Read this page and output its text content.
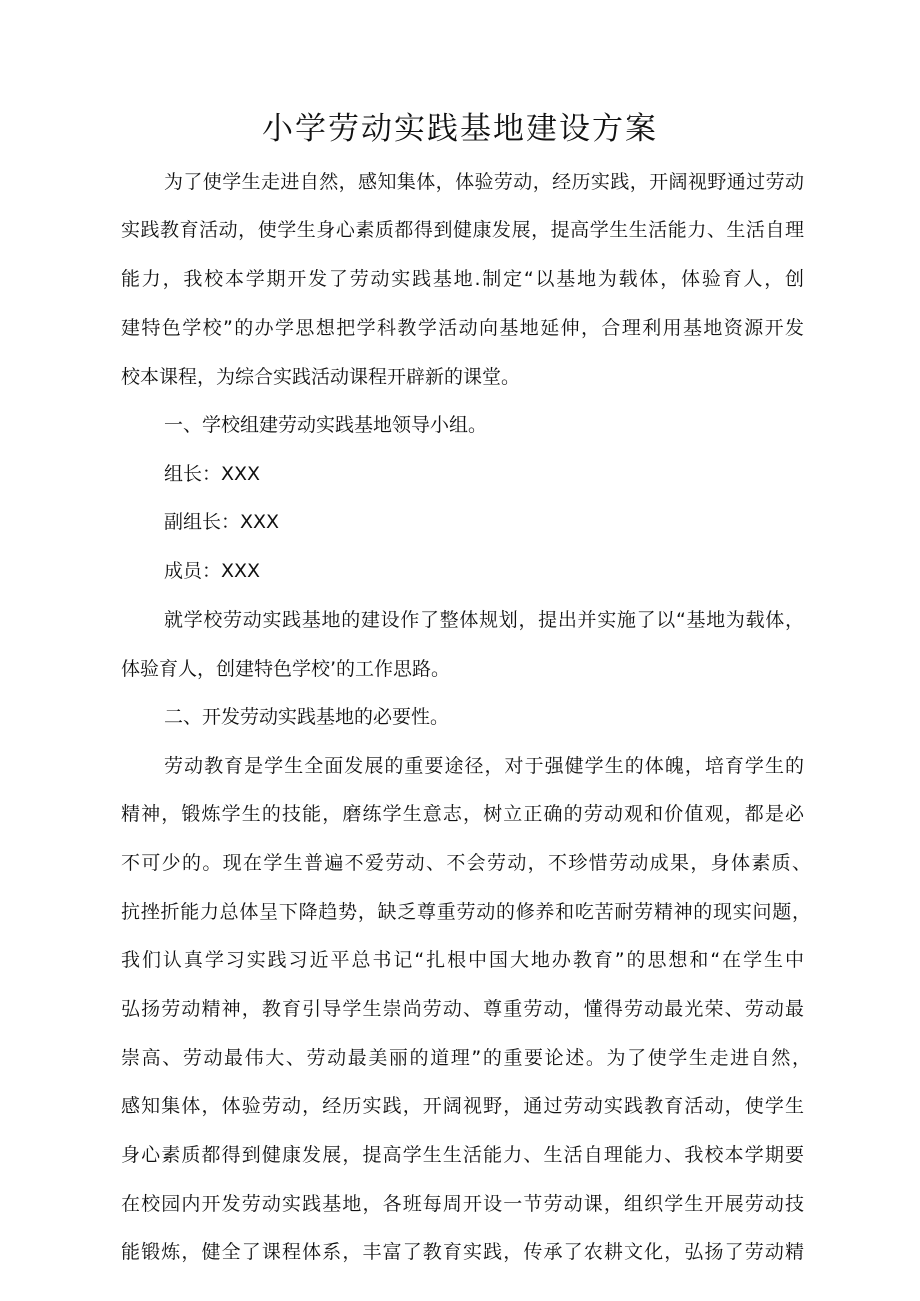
小学劳动实践基地建设方案
为了使学生走进自然，感知集体，体验劳动，经历实践，开阔视野通过劳动
实践教育活动，使学生身心素质都得到健康发展，提高学生生活能力、生活自理
能力，我校本学期开发了劳动实践基地.制定“以基地为载体，体验育人，创
建特色学校”的办学思想把学科教学活动向基地延伸，合理利用基地资源开发
校本课程，为综合实践活动课程开辟新的课堂。
一、学校组建劳动实践基地领导小组。
组长：XXX
副组长：XXX
成员：XXX
就学校劳动实践基地的建设作了整体规划，提出并实施了以“基地为载体，
体验育人，创建特色学校’的工作思路。
二、开发劳动实践基地的必要性。
劳动教育是学生全面发展的重要途径，对于强健学生的体魄，培育学生的
精神，锻炼学生的技能，磨练学生意志，树立正确的劳动观和价值观，都是必
不可少的。现在学生普遍不爱劳动、不会劳动，不珍惜劳动成果，身体素质、
抗挫折能力总体呈下降趋势，缺乏尊重劳动的修养和吃苦耐劳精神的现实问题，
我们认真学习实践习近平总书记“扎根中国大地办教育”的思想和“在学生中
弘扬劳动精神，教育引导学生崇尚劳动、尊重劳动，懂得劳动最光荣、劳动最
崇高、劳动最伟大、劳动最美丽的道理”的重要论述。为了使学生走进自然，
感知集体，体验劳动，经历实践，开阔视野，通过劳动实践教育活动，使学生
身心素质都得到健康发展，提高学生生活能力、生活自理能力、我校本学期要
在校园内开发劳动实践基地，各班每周开设一节劳动课，组织学生开展劳动技
能锻炼，健全了课程体系，丰富了教育实践，传承了农耕文化，弘扬了劳动精
